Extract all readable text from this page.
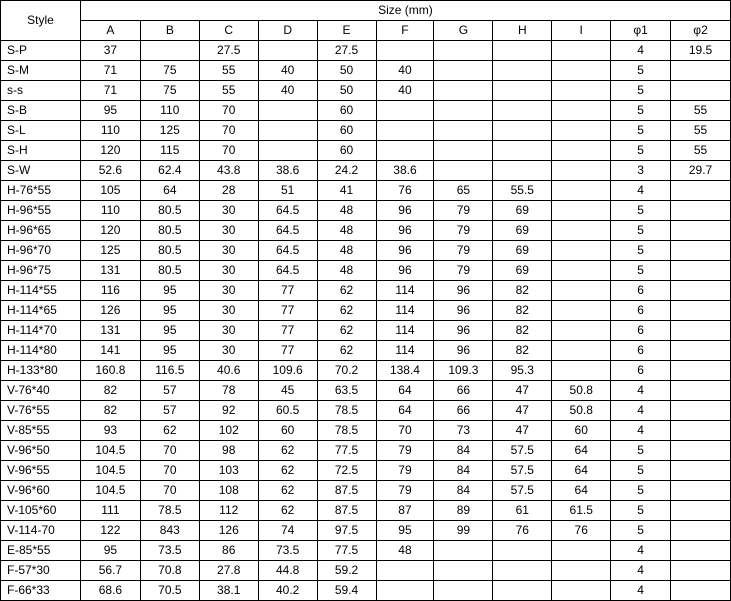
Style	Size (mm)										
	A	B	C	D	E	F	G	H	I	φ1	φ2
S-P	37		27.5		27.5					4	19.5
S-M	71	75	55	40	50	40				5	
s-s	71	75	55	40	50	40				5	
S-B	95	110	70		60					5	55
S-L	110	125	70		60					5	55
S-H	120	115	70		60					5	55
S-W	52.6	62.4	43.8	38.6	24.2	38.6				3	29.7
H-76*55	105	64	28	51	41	76	65	55.5		4	
H-96*55	110	80.5	30	64.5	48	96	79	69		5	
H-96*65	120	80.5	30	64.5	48	96	79	69		5	
H-96*70	125	80.5	30	64.5	48	96	79	69		5	
H-96*75	131	80.5	30	64.5	48	96	79	69		5	
H-114*55	116	95	30	77	62	114	96	82		6	
H-114*65	126	95	30	77	62	114	96	82		6	
H-114*70	131	95	30	77	62	114	96	82		6	
H-114*80	141	95	30	77	62	114	96	82		6	
H-133*80	160.8	116.5	40.6	109.6	70.2	138.4	109.3	95.3		6	
V-76*40	82	57	78	45	63.5	64	66	47	50.8	4	
V-76*55	82	57	92	60.5	78.5	64	66	47	50.8	4	
V-85*55	93	62	102	60	78.5	70	73	47	60	4	
V-96*50	104.5	70	98	62	77.5	79	84	57.5	64	5	
V-96*55	104.5	70	103	62	72.5	79	84	57.5	64	5	
V-96*60	104.5	70	108	62	87.5	79	84	57.5	64	5	
V-105*60	111	78.5	112	62	87.5	87	89	61	61.5	5	
V-114-70	122	843	126	74	97.5	95	99	76	76	5	
E-85*55	95	73.5	86	73.5	77.5	48				4	
F-57*30	56.7	70.8	27.8	44.8	59.2					4	
F-66*33	68.6	70.5	38.1	40.2	59.4					4	
